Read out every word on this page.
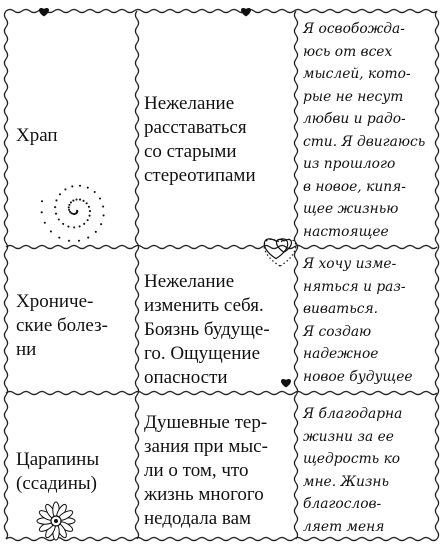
Храп
Нежелание
расставаться
со старыми
стереотипами
Я освобожда-
юсь от всех
мыслей, кото-
рые не несут
любви и радо-
сти. Я двигаюсь
из прошлого
в новое, кипя-
щее жизнью
настоящее
Хрониче-
ские болез-
ни
Нежелание
изменить себя.
Боязнь будуще-
го. Ощущение
опасности
Я хочу изме-
няться и раз-
виваться.
Я создаю
надежное
новое будущее
Царапины
(ссадины)
Душевные тер-
зания при мыс-
ли о том, что
жизнь многого
недодала вам
Я благодарна
жизни за ее
щедрость ко
мне. Жизнь
благослов-
ляет меня
